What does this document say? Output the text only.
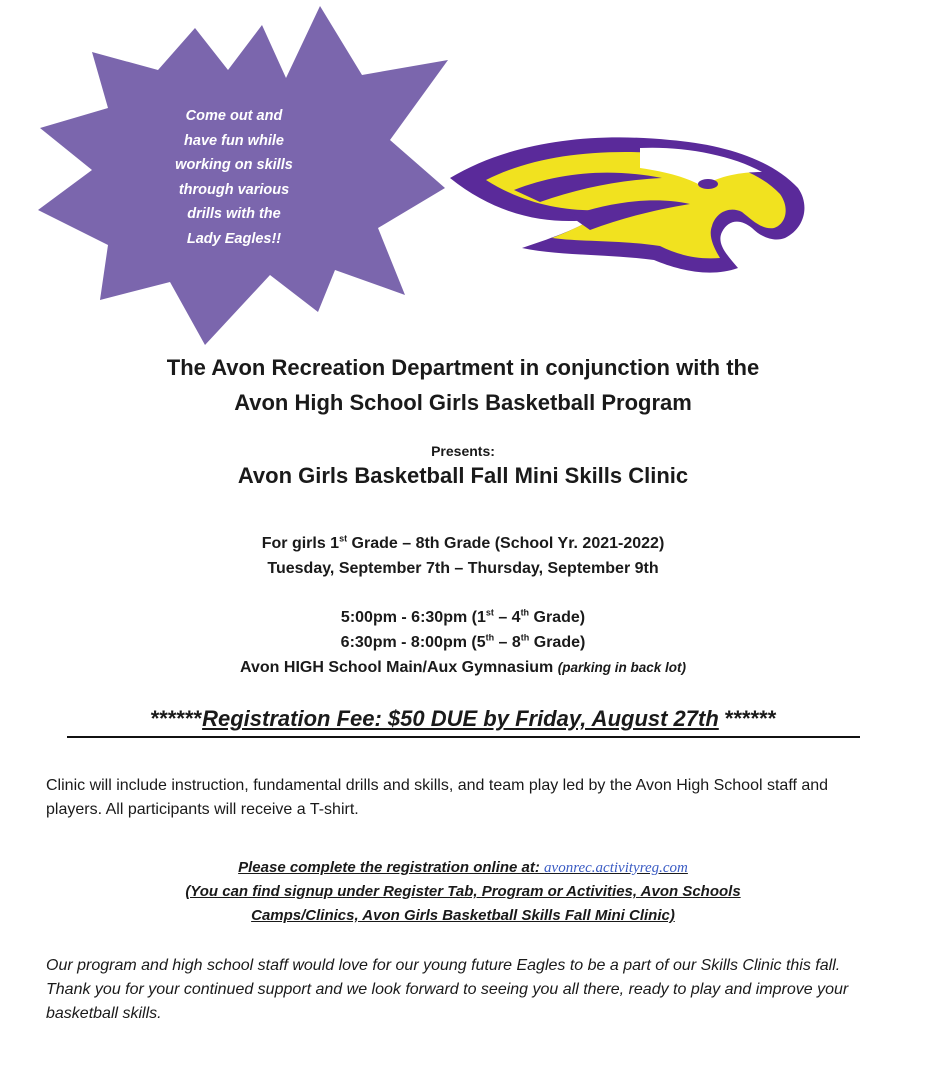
Come out and
have fun while
working on skills
through various
drills with the
Lady Eagles!!
The Avon Recreation Department in conjunction with the
Avon High School Girls Basketball Program
Presents:
Avon Girls Basketball Fall Mini Skills Clinic
For girls 1st Grade – 8th Grade (School Yr. 2021-2022)
Tuesday, September 7th – Thursday, September 9th
5:00pm - 6:30pm (1st – 4th Grade)
6:30pm - 8:00pm (5th – 8th Grade)
Avon HIGH School Main/Aux Gymnasium (parking in back lot)
******Registration Fee: $50 DUE by Friday, August 27th ******
Clinic will include instruction, fundamental drills and skills, and team play led by the Avon High School staff and players. All participants will receive a T-shirt.
Please complete the registration online at: avonrec.activityreg.com
(You can find signup under Register Tab, Program or Activities, Avon Schools
Camps/Clinics, Avon Girls Basketball Skills Fall Mini Clinic)
Our program and high school staff would love for our young future Eagles to be a part of our Skills Clinic this fall. Thank you for your continued support and we look forward to seeing you all there, ready to play and improve your basketball skills.
